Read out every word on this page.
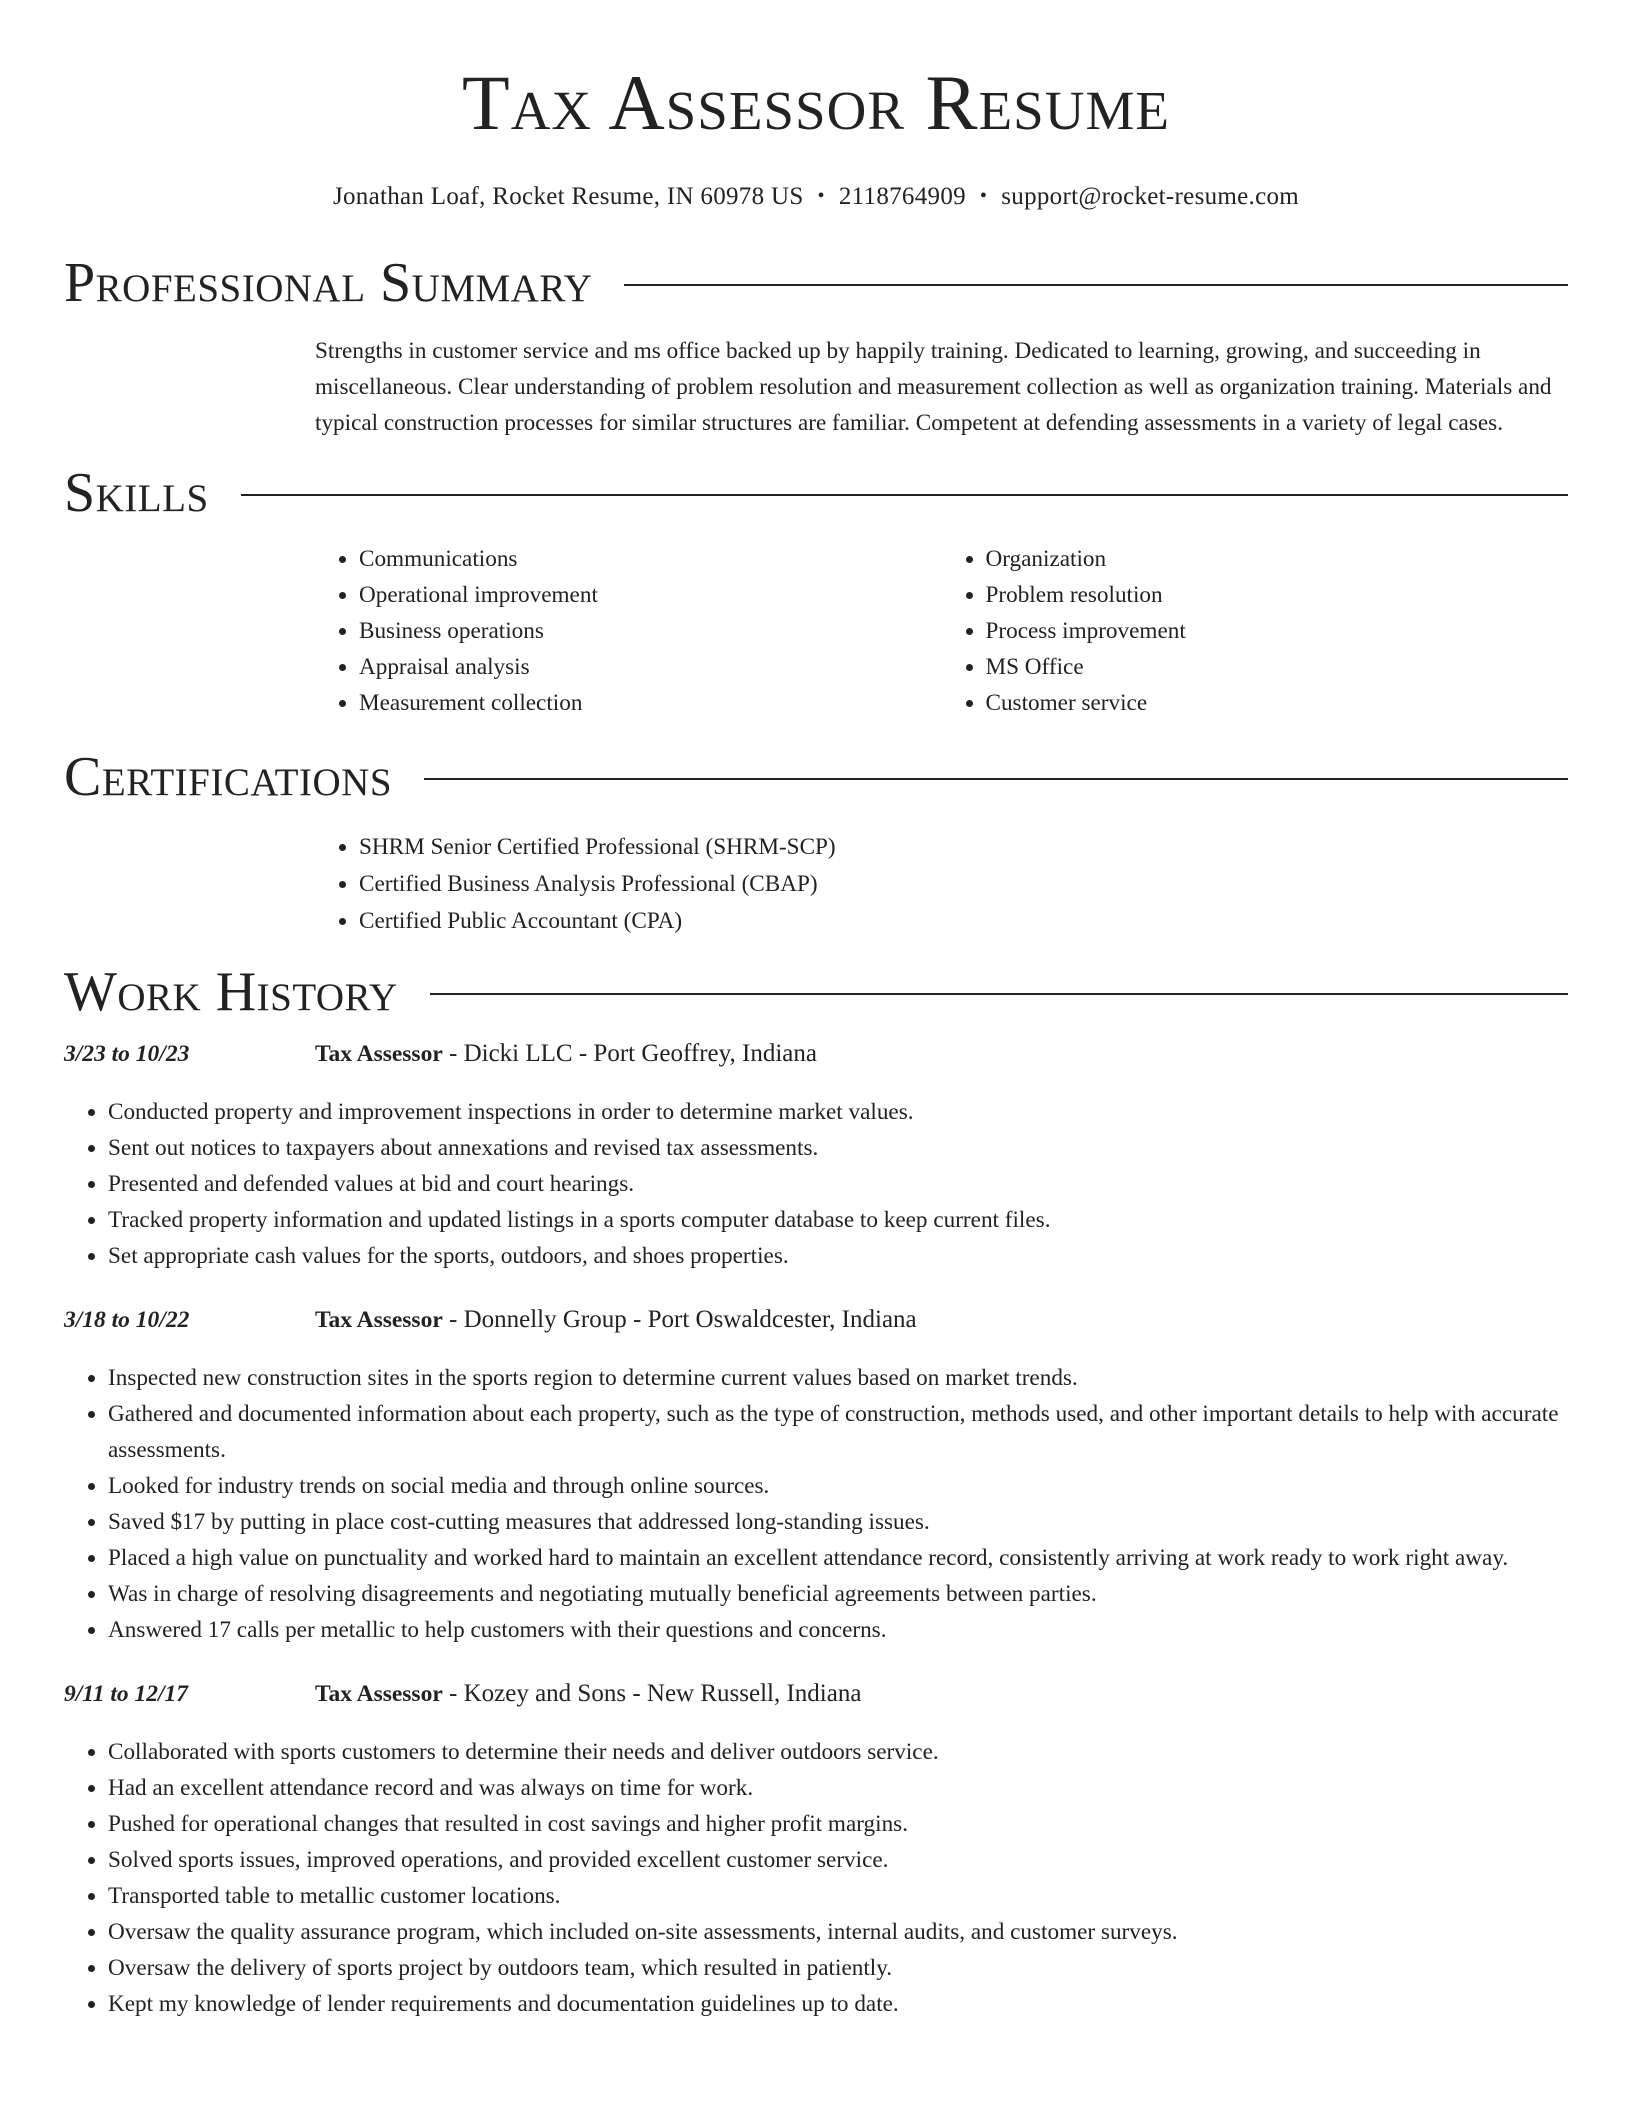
Tax Assessor Resume
Jonathan Loaf, Rocket Resume, IN 60978 US • 2118764909 • support@rocket-resume.com
Professional Summary

Strengths in customer service and ms office backed up by happily training. Dedicated to learning, growing, and succeeding in miscellaneous. Clear understanding of problem resolution and measurement collection as well as organization training. Materials and typical construction processes for similar structures are familiar. Competent at defending assessments in a variety of legal cases.

Skills
• Communications
• Operational improvement
• Business operations
• Appraisal analysis
• Measurement collection
• Organization
• Problem resolution
• Process improvement
• MS Office
• Customer service
Certifications
• SHRM Senior Certified Professional (SHRM-SCP)
• Certified Business Analysis Professional (CBAP)
• Certified Public Accountant (CPA)
Work History
3/23 to 10/23	Tax Assessor - Dicki LLC - Port Geoffrey, Indiana
• Conducted property and improvement inspections in order to determine market values.
• Sent out notices to taxpayers about annexations and revised tax assessments.
• Presented and defended values at bid and court hearings.
• Tracked property information and updated listings in a sports computer database to keep current files.
• Set appropriate cash values for the sports, outdoors, and shoes properties.
3/18 to 10/22	Tax Assessor - Donnelly Group - Port Oswaldcester, Indiana
• Inspected new construction sites in the sports region to determine current values based on market trends.
• Gathered and documented information about each property, such as the type of construction, methods used, and other important details to help with accurate assessments.
• Looked for industry trends on social media and through online sources.
• Saved $17 by putting in place cost-cutting measures that addressed long-standing issues.
• Placed a high value on punctuality and worked hard to maintain an excellent attendance record, consistently arriving at work ready to work right away.
• Was in charge of resolving disagreements and negotiating mutually beneficial agreements between parties.
• Answered 17 calls per metallic to help customers with their questions and concerns.
9/11 to 12/17	Tax Assessor - Kozey and Sons - New Russell, Indiana
• Collaborated with sports customers to determine their needs and deliver outdoors service.
• Had an excellent attendance record and was always on time for work.
• Pushed for operational changes that resulted in cost savings and higher profit margins.
• Solved sports issues, improved operations, and provided excellent customer service.
• Transported table to metallic customer locations.
• Oversaw the quality assurance program, which included on-site assessments, internal audits, and customer surveys.
• Oversaw the delivery of sports project by outdoors team, which resulted in patiently.
• Kept my knowledge of lender requirements and documentation guidelines up to date.
